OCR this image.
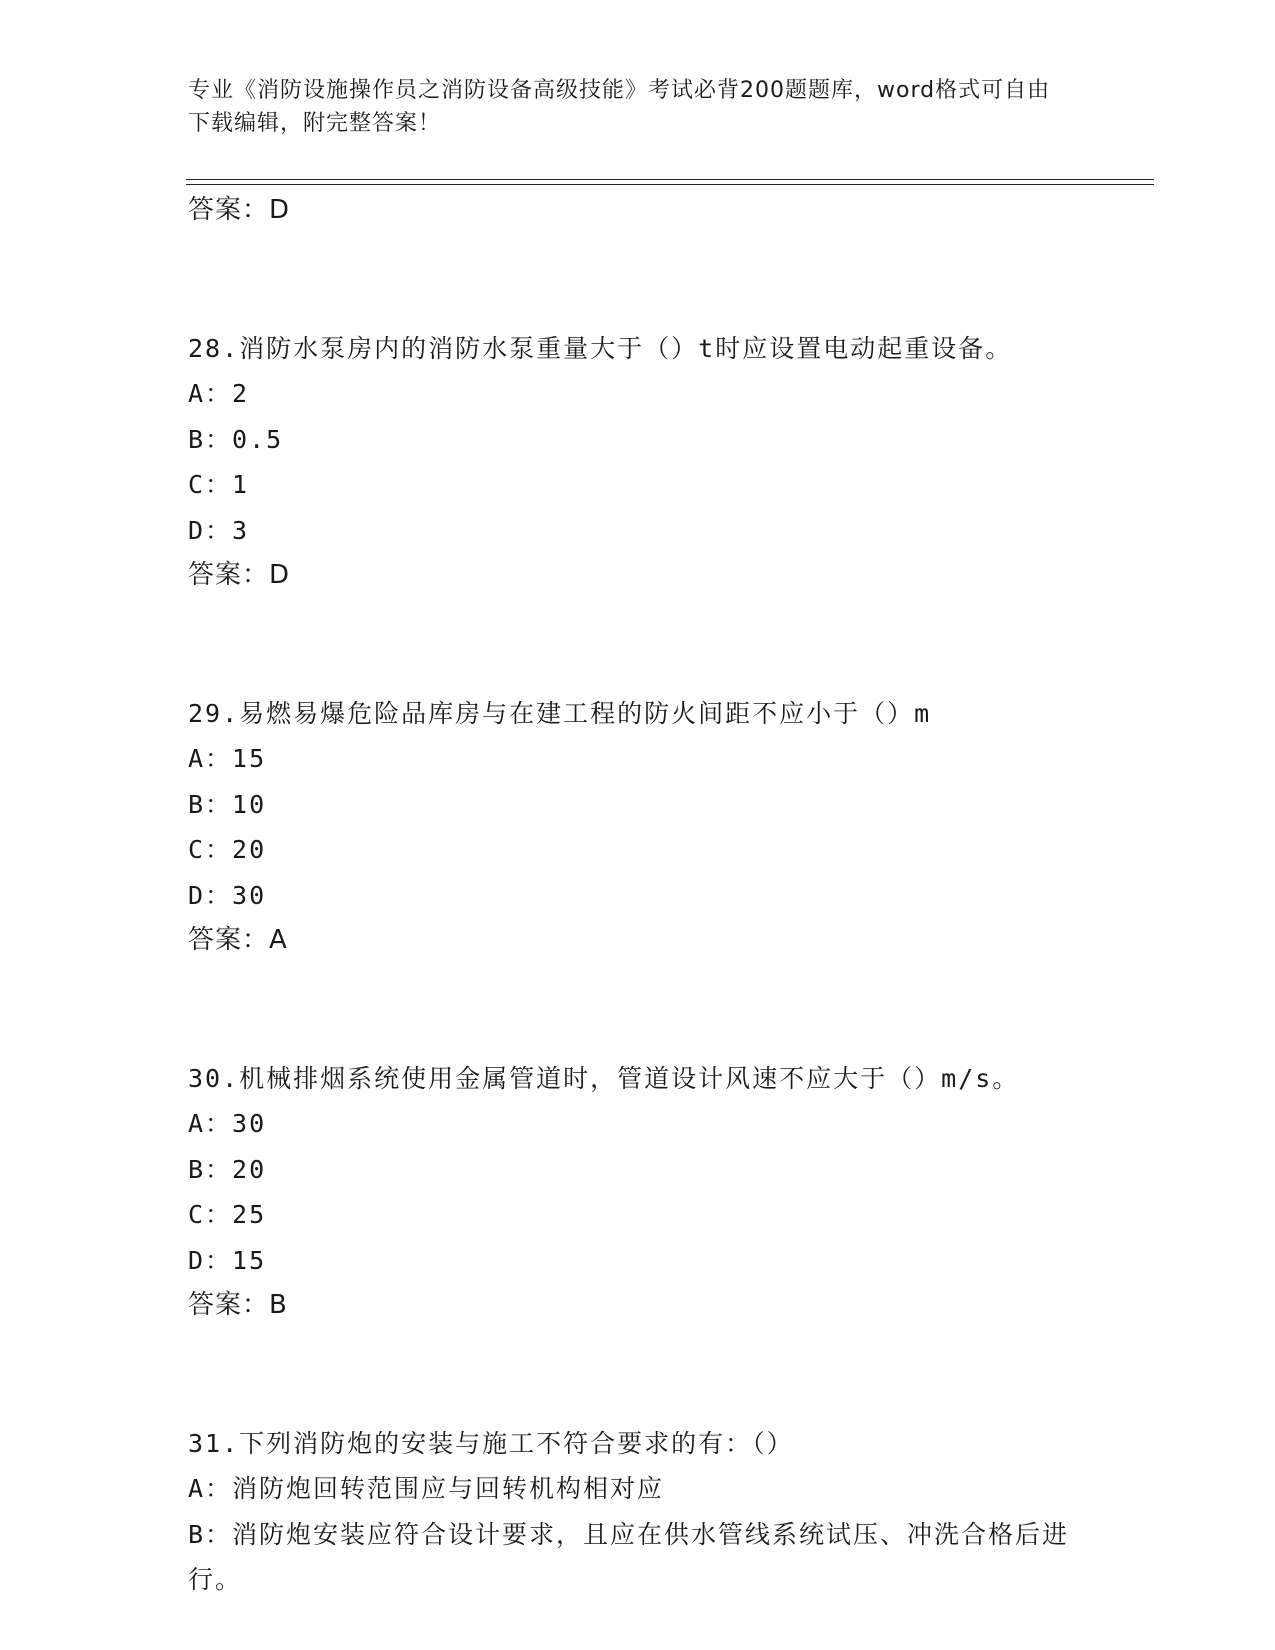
专业《消防设施操作员之消防设备高级技能》考试必背200题题库，word格式可自由下载编辑，附完整答案！
答案：D
28.消防水泵房内的消防水泵重量大于（）t时应设置电动起重设备。
A：2
B：0.5
C：1
D：3
答案：D
29.易燃易爆危险品库房与在建工程的防火间距不应小于（）m
A：15
B：10
C：20
D：30
答案：A
30.机械排烟系统使用金属管道时，管道设计风速不应大于（）m/s。
A：30
B：20
C：25
D：15
答案：B
31.下列消防炮的安装与施工不符合要求的有：（）
A：消防炮回转范围应与回转机构相对应
B：消防炮安装应符合设计要求，且应在供水管线系统试压、冲洗合格后进行。
